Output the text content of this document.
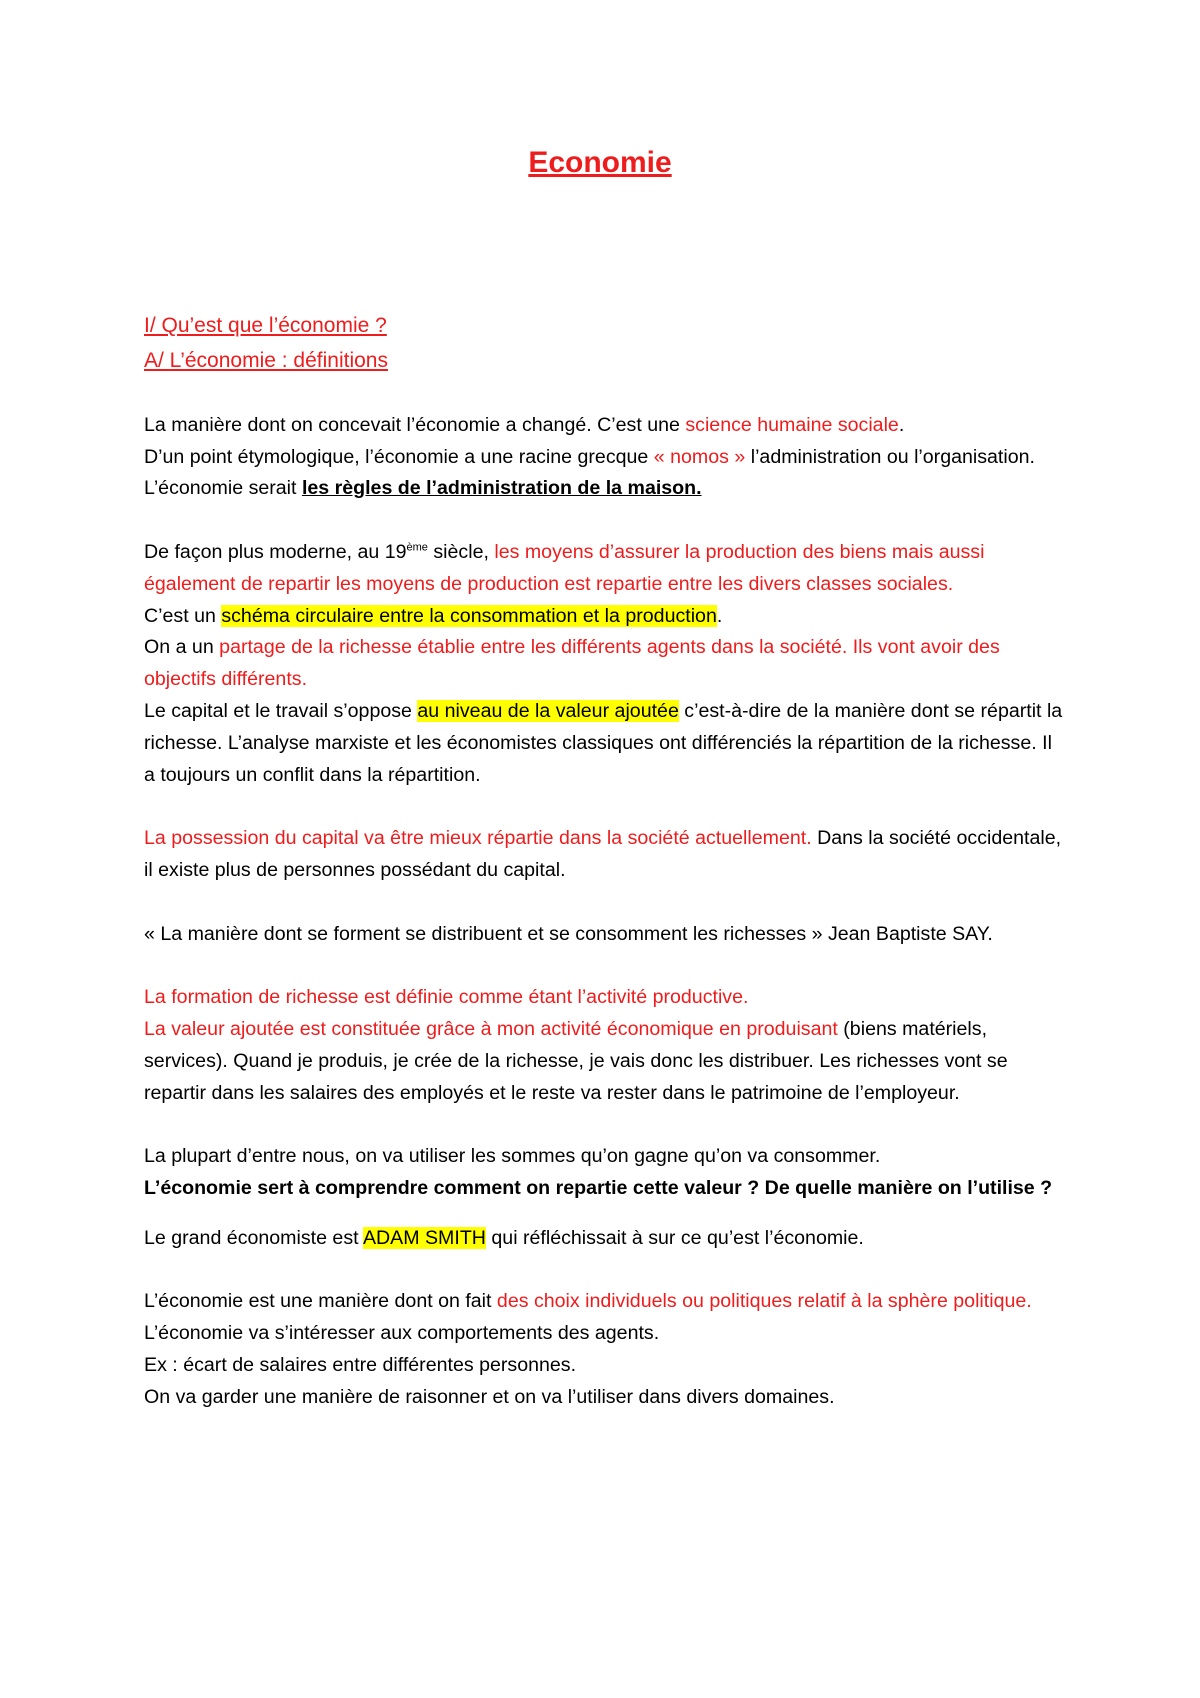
Economie

I/ Qu’est que l’économie ?

A/ L’économie : définitions

La manière dont on concevait l’économie a changé. C’est une science humaine sociale.

D’un point étymologique, l’économie a une racine grecque « nomos » l’administration ou l’organisation. L’économie serait les règles de l’administration de la maison.

De façon plus moderne, au 19ème siècle, les moyens d’assurer la production des biens mais aussi également de repartir les moyens de production est repartie entre les divers classes sociales.

C’est un schéma circulaire entre la consommation et la production.

On a un partage de la richesse établie entre les différents agents dans la société. Ils vont avoir des objectifs différents.

Le capital et le travail s’oppose au niveau de la valeur ajoutée c’est-à-dire de la manière dont se répartit la richesse. L’analyse marxiste et les économistes classiques ont différenciés la répartition de la richesse. Il a toujours un conflit dans la répartition.

La possession du capital va être mieux répartie dans la société actuellement. Dans la société occidentale, il existe plus de personnes possédant du capital.

« La manière dont se forment se distribuent et se consomment les richesses » Jean Baptiste SAY.

La formation de richesse est définie comme étant l’activité productive.

La valeur ajoutée est constituée grâce à mon activité économique en produisant (biens matériels, services). Quand je produis, je crée de la richesse, je vais donc les distribuer. Les richesses vont se repartir dans les salaires des employés et le reste va rester dans le patrimoine de l’employeur.

La plupart d’entre nous, on va utiliser les sommes qu’on gagne qu’on va consommer.

L’économie sert à comprendre comment on repartie cette valeur ? De quelle manière on l’utilise ?

Le grand économiste est ADAM SMITH qui réfléchissait à sur ce qu’est l’économie.

L’économie est une manière dont on fait des choix individuels ou politiques relatif à la sphère politique. L’économie va s’intéresser aux comportements des agents.

Ex : écart de salaires entre différentes personnes.

On va garder une manière de raisonner et on va l’utiliser dans divers domaines.
